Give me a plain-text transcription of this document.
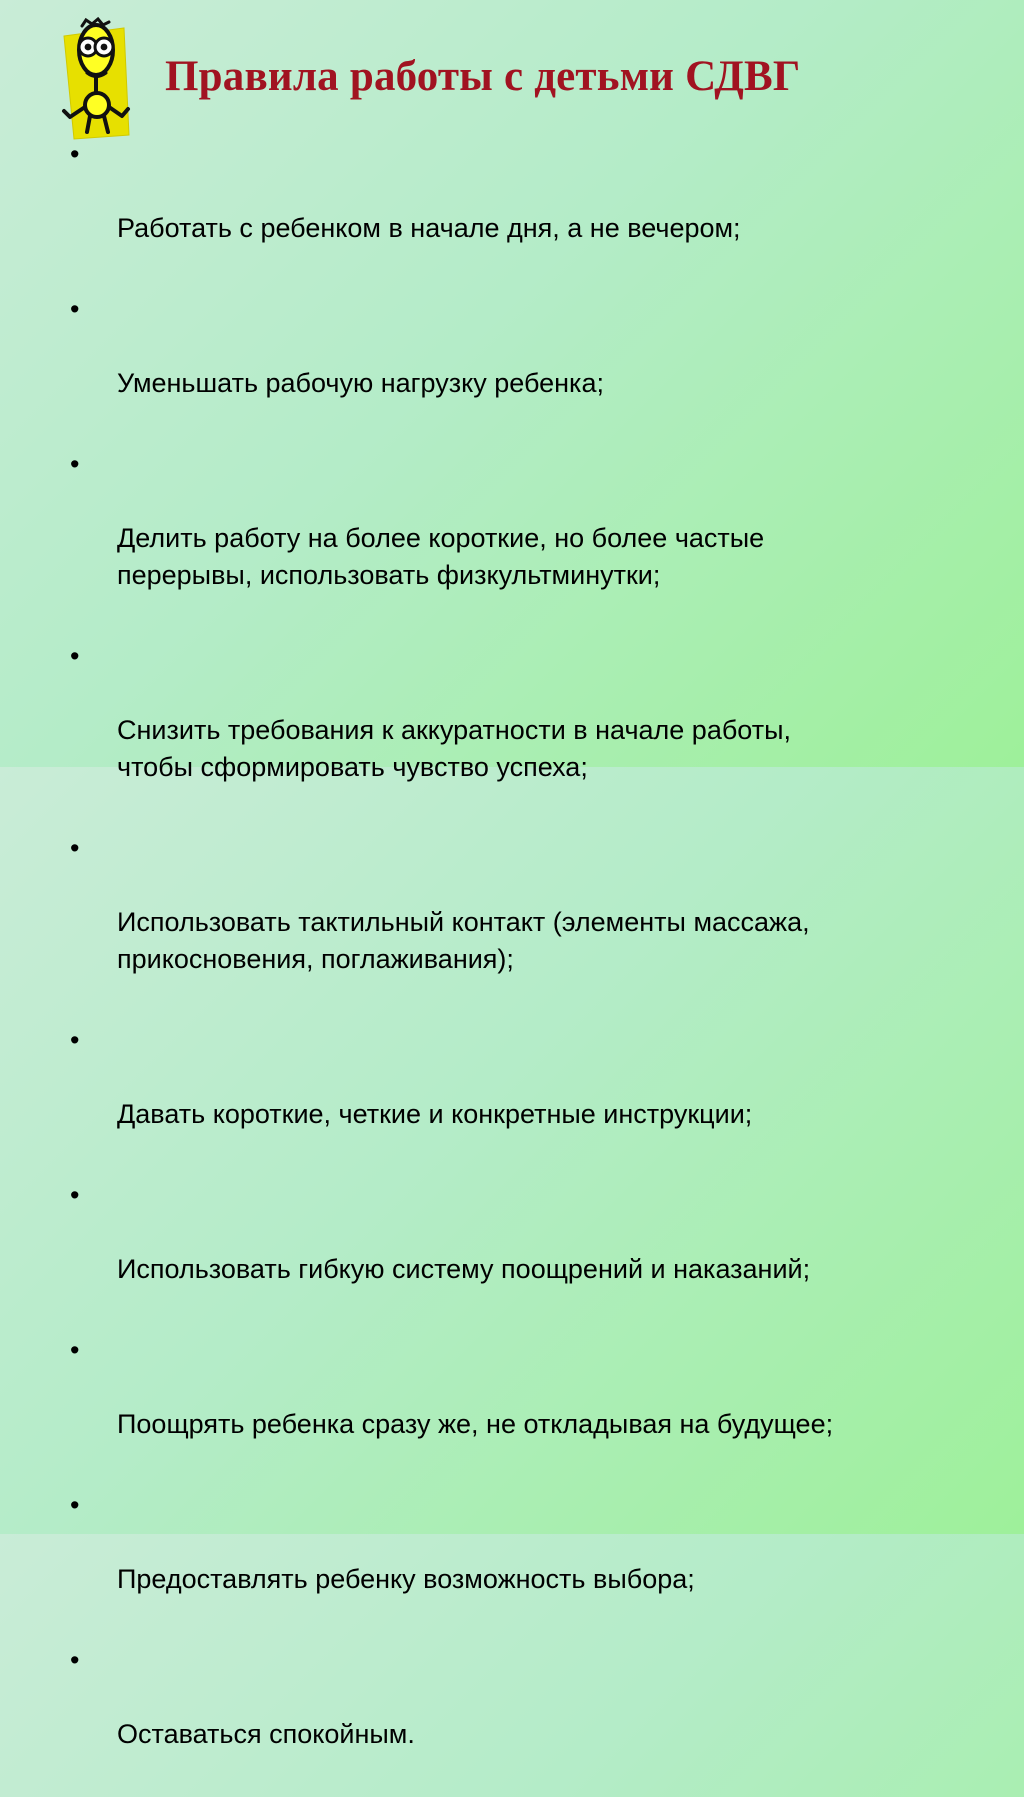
Правила работы с детьми СДВГ

•

Работать с ребенком в начале дня, а не вечером;

•

Уменьшать рабочую нагрузку ребенка;

•

Делить работу на более короткие, но более частые
перерывы, использовать физкультминутки;

•

Снизить требования к аккуратности в начале работы,
чтобы сформировать чувство успеха;

•

Использовать тактильный контакт (элементы массажа,
прикосновения, поглаживания);

•

Давать короткие, четкие и конкретные инструкции;

•

Использовать гибкую систему поощрений и наказаний;

•

Поощрять ребенка сразу же, не откладывая на будущее;

•

Предоставлять ребенку возможность выбора;

•

Оставаться спокойным.
